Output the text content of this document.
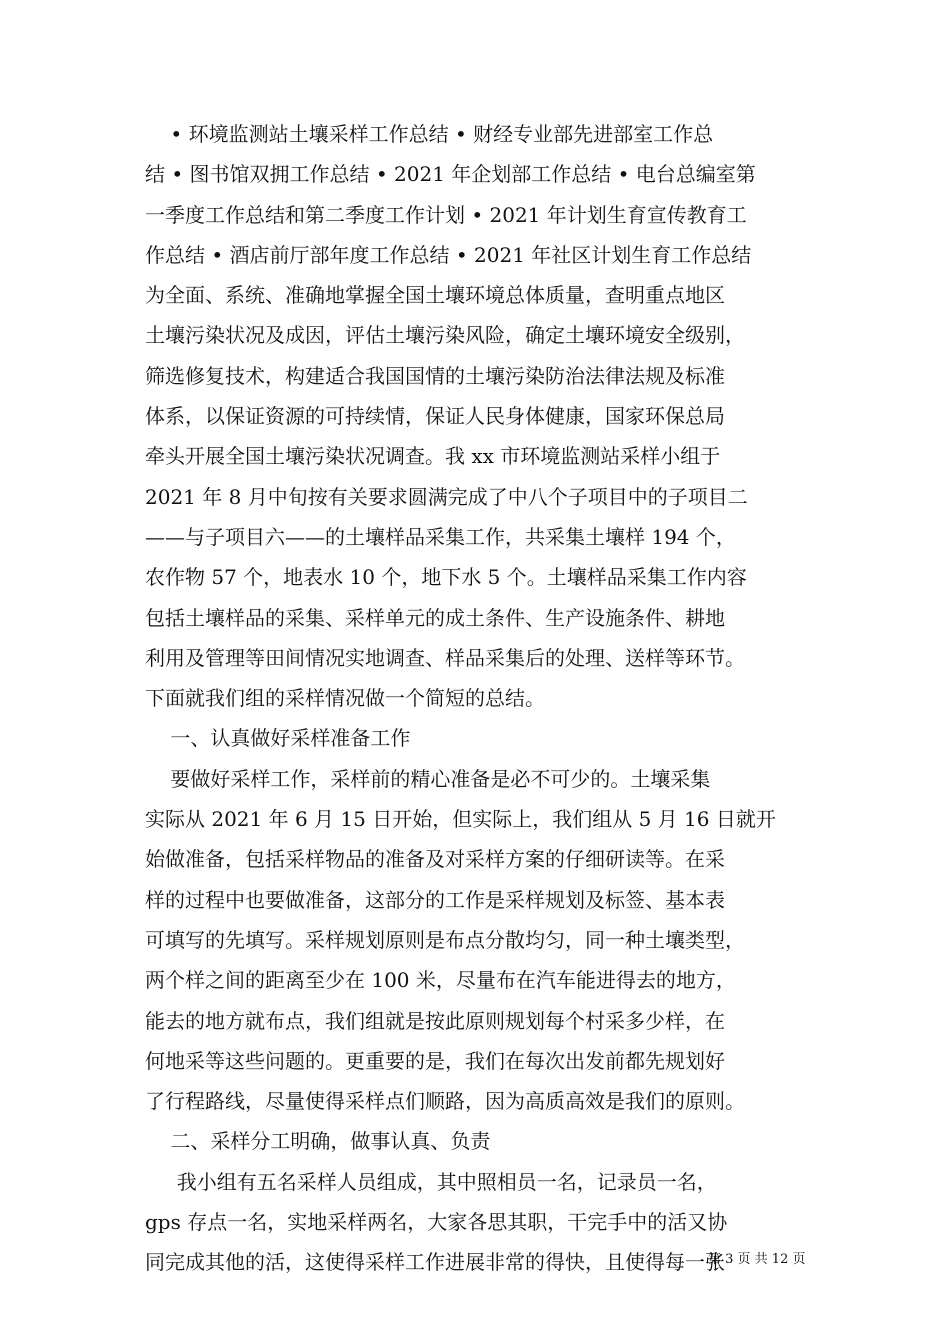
• 环境监测站土壤采样工作总结 • 财经专业部先进部室工作总
结 • 图书馆双拥工作总结 • 2021 年企划部工作总结 • 电台总编室第
一季度工作总结和第二季度工作计划 • 2021 年计划生育宣传教育工
作总结 • 酒店前厅部年度工作总结 • 2021 年社区计划生育工作总结
为全面、系统、准确地掌握全国土壤环境总体质量，查明重点地区
土壤污染状况及成因，评估土壤污染风险，确定土壤环境安全级别，
筛选修复技术，构建适合我国国情的土壤污染防治法律法规及标准
体系，以保证资源的可持续情，保证人民身体健康，国家环保总局
牵头开展全国土壤污染状况调查。我 xx 市环境监测站采样小组于
2021 年 8 月中旬按有关要求圆满完成了中八个子项目中的子项目二
——与子项目六——的土壤样品采集工作，共采集土壤样 194 个，
农作物 57 个，地表水 10 个，地下水 5 个。土壤样品采集工作内容
包括土壤样品的采集、采样单元的成土条件、生产设施条件、耕地
利用及管理等田间情况实地调查、样品采集后的处理、送样等环节。
下面就我们组的采样情况做一个简短的总结。
一、认真做好采样准备工作
要做好采样工作，采样前的精心准备是必不可少的。土壤采集
实际从 2021 年 6 月 15 日开始，但实际上，我们组从 5 月 16 日就开
始做准备，包括采样物品的准备及对采样方案的仔细研读等。在采
样的过程中也要做准备，这部分的工作是采样规划及标签、基本表
可填写的先填写。采样规划原则是布点分散均匀，同一种土壤类型，
两个样之间的距离至少在 100 米，尽量布在汽车能进得去的地方，
能去的地方就布点，我们组就是按此原则规划每个村采多少样，在
何地采等这些问题的。更重要的是，我们在每次出发前都先规划好
了行程路线，尽量使得采样点们顺路，因为高质高效是我们的原则。
二、采样分工明确，做事认真、负责
我小组有五名采样人员组成，其中照相员一名，记录员一名，
gps 存点一名，实地采样两名，大家各思其职，干完手中的活又协
同完成其他的活，这使得采样工作进展非常的得快，且使得每一张
第 3 页 共 12 页
